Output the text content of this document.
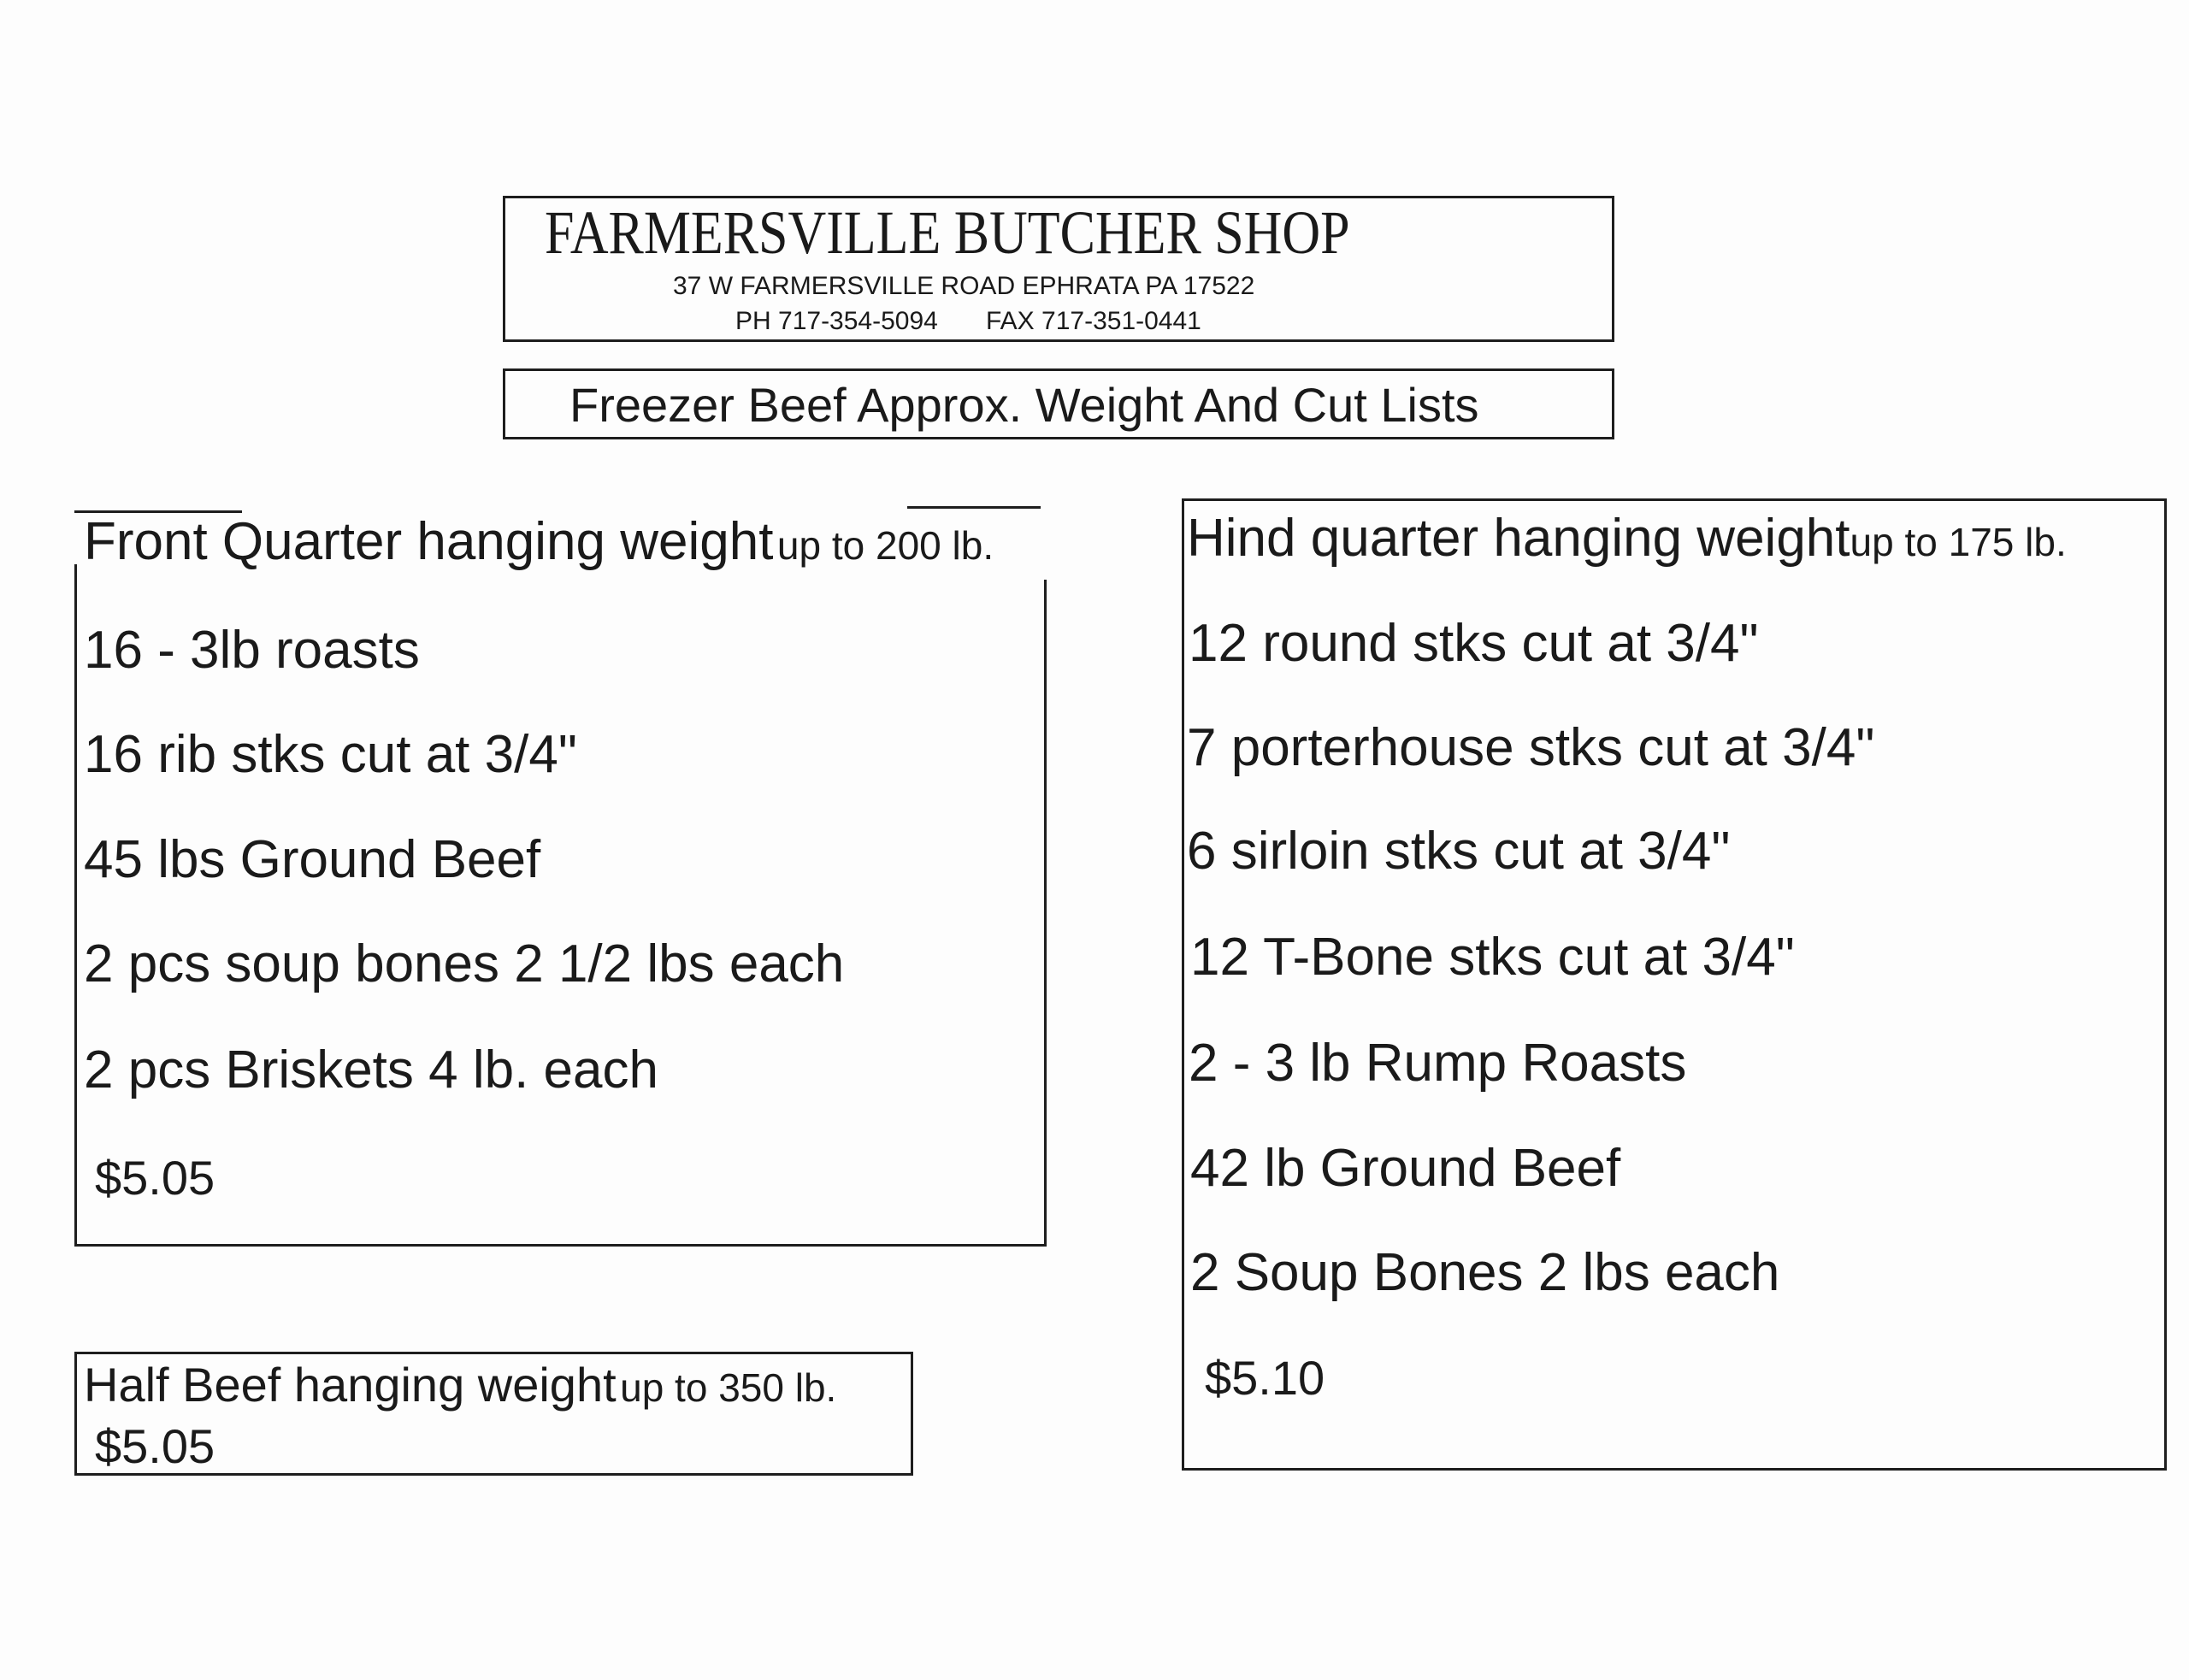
FARMERSVILLE BUTCHER SHOP
37 W FARMERSVILLE ROAD EPHRATA PA 17522
PH 717-354-5094 FAX 717-351-0441
Freezer Beef Approx. Weight And Cut Lists
Front Quarter hanging weight up to 200 lb.
16 - 3lb roasts
16 rib stks cut at 3/4"
45 lbs Ground Beef
2 pcs soup bones 2 1/2 lbs each
2 pcs Briskets 4 lb. each
$5.05
Half Beef hanging weight up to 350 lb.
$5.05
Hind quarter hanging weightup to 175 lb.
12 round stks cut at 3/4"
7 porterhouse stks cut at 3/4"
6 sirloin stks cut at 3/4"
12 T-Bone stks cut at 3/4"
2 - 3 lb Rump Roasts
42 lb Ground Beef
2 Soup Bones 2 lbs each
$5.10
